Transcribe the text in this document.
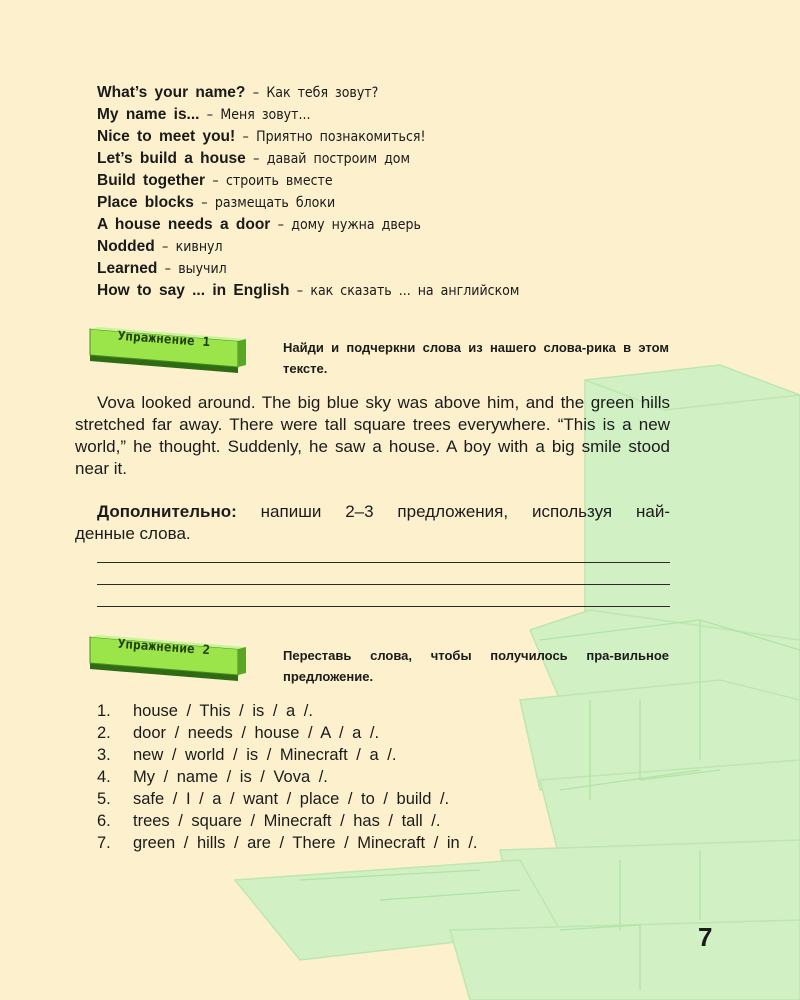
What’s your name? – Как тебя зовут?
My name is... – Меня зовут...
Nice to meet you! – Приятно познакомиться!
Let’s build a house – давай построим дом
Build together – строить вместе
Place blocks – размещать блоки
A house needs a door – дому нужна дверь
Nodded – кивнул
Learned – выучил
How to say ... in English – как сказать ... на английском
Упражнение 1	Найди и подчеркни слова из нашего слова-рика в этом тексте.
Vova looked around. The big blue sky was above him, and the green hills stretched far away. There were tall square trees everywhere. “This is a new world,” he thought. Suddenly, he saw a house. A boy with a big smile stood near it.
Дополнительно: напиши 2–3 предложения, используя най-
денные слова.
Упражнение 2	Переставь слова, чтобы получилось пра-вильное предложение.
1. house / This / is / a /.
2. door / needs / house / A / a /.
3. new / world / is / Minecraft / a /.
4. My / name / is / Vova /.
5. safe / I / a / want / place / to / build /.
6. trees / square / Minecraft / has / tall /.
7. green / hills / are / There / Minecraft / in /.
7
